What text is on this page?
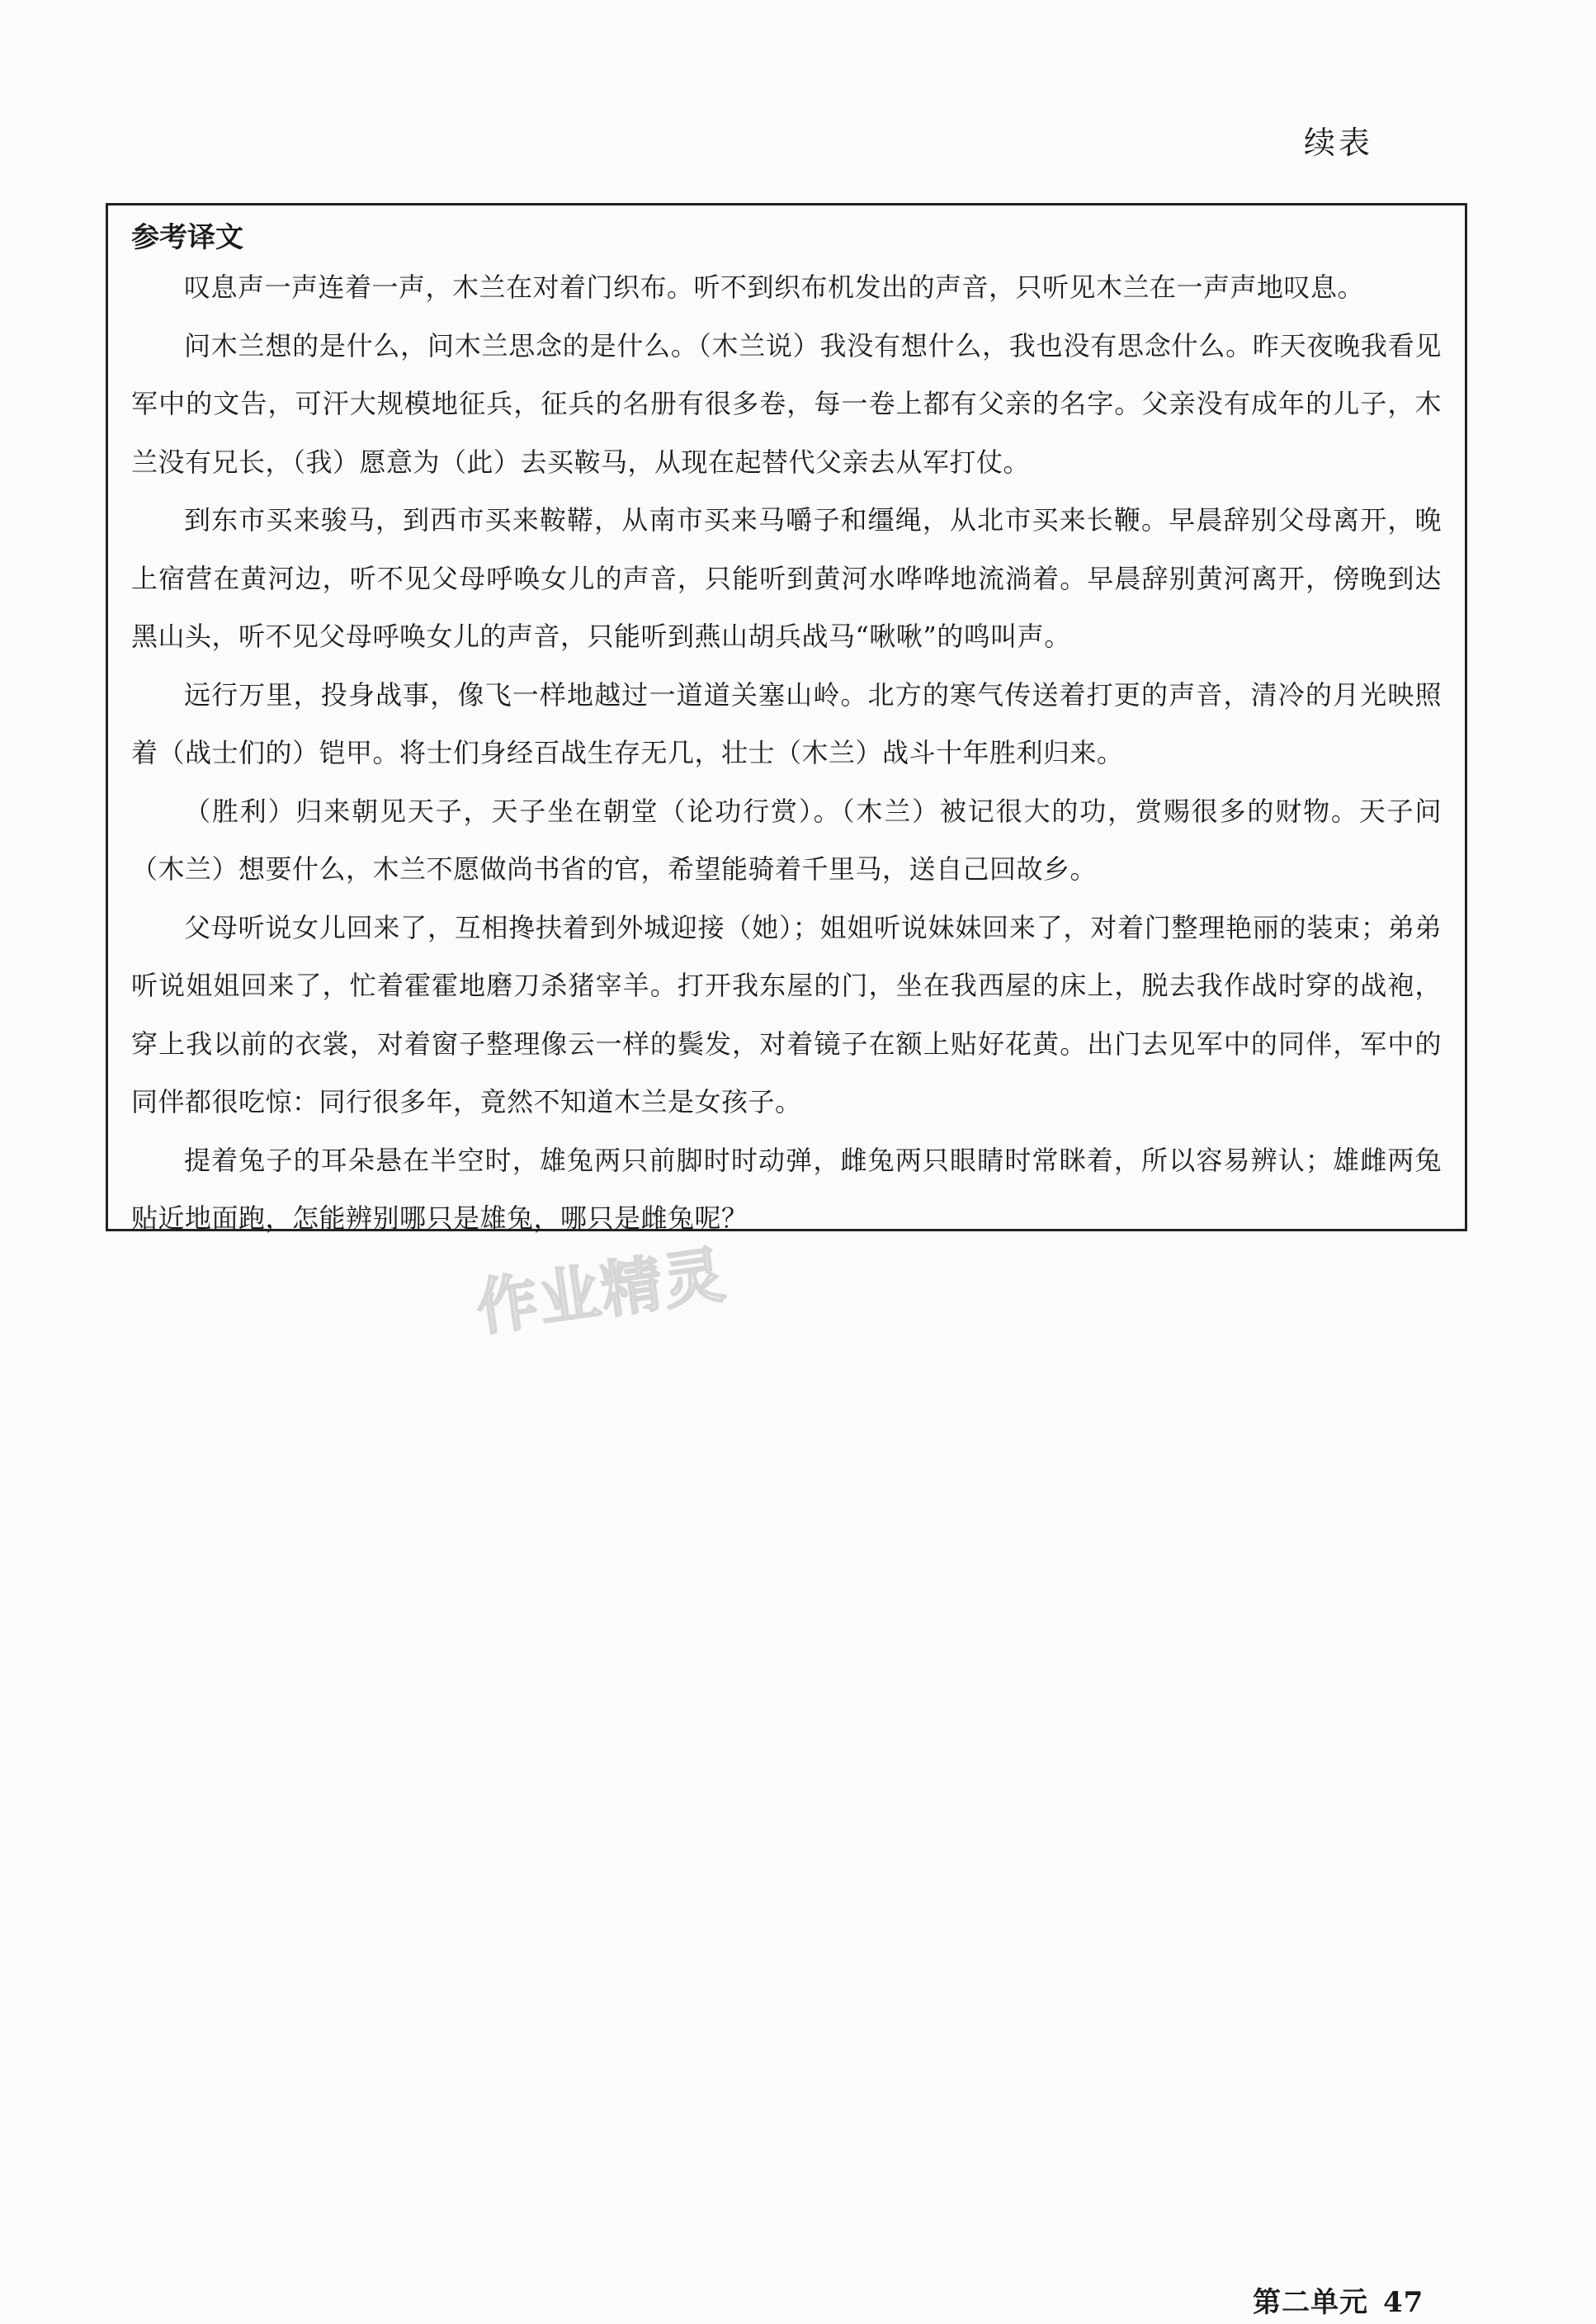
续表
参考译文

叹息声一声连着一声，木兰在对着门织布。听不到织布机发出的声音，只听见木兰在一声声地叹息。

问木兰想的是什么，问木兰思念的是什么。（木兰说）我没有想什么，我也没有思念什么。昨天夜晚我看见军中的文告，可汗大规模地征兵，征兵的名册有很多卷，每一卷上都有父亲的名字。父亲没有成年的儿子，木兰没有兄长，（我）愿意为（此）去买鞍马，从现在起替代父亲去从军打仗。

到东市买来骏马，到西市买来鞍鞯，从南市买来马嚼子和缰绳，从北市买来长鞭。早晨辞别父母离开，晚上宿营在黄河边，听不见父母呼唤女儿的声音，只能听到黄河水哗哗地流淌着。早晨辞别黄河离开，傍晚到达黑山头，听不见父母呼唤女儿的声音，只能听到燕山胡兵战马“啾啾”的鸣叫声。

远行万里，投身战事，像飞一样地越过一道道关塞山岭。北方的寒气传送着打更的声音，清冷的月光映照着（战士们的）铠甲。将士们身经百战生存无几，壮士（木兰）战斗十年胜利归来。

（胜利）归来朝见天子，天子坐在朝堂（论功行赏）。（木兰）被记很大的功，赏赐很多的财物。天子问（木兰）想要什么，木兰不愿做尚书省的官，希望能骑着千里马，送自己回故乡。

父母听说女儿回来了，互相搀扶着到外城迎接（她）；姐姐听说妹妹回来了，对着门整理艳丽的装束；弟弟听说姐姐回来了，忙着霍霍地磨刀杀猪宰羊。打开我东屋的门，坐在我西屋的床上，脱去我作战时穿的战袍，穿上我以前的衣裳，对着窗子整理像云一样的鬓发，对着镜子在额上贴好花黄。出门去见军中的同伴，军中的同伴都很吃惊：同行很多年，竟然不知道木兰是女孩子。

提着兔子的耳朵悬在半空时，雄兔两只前脚时时动弹，雌兔两只眼睛时常眯着，所以容易辨认；雄雌两兔贴近地面跑，怎能辨别哪只是雄兔，哪只是雌兔呢？

作业精灵
第二单元 47
